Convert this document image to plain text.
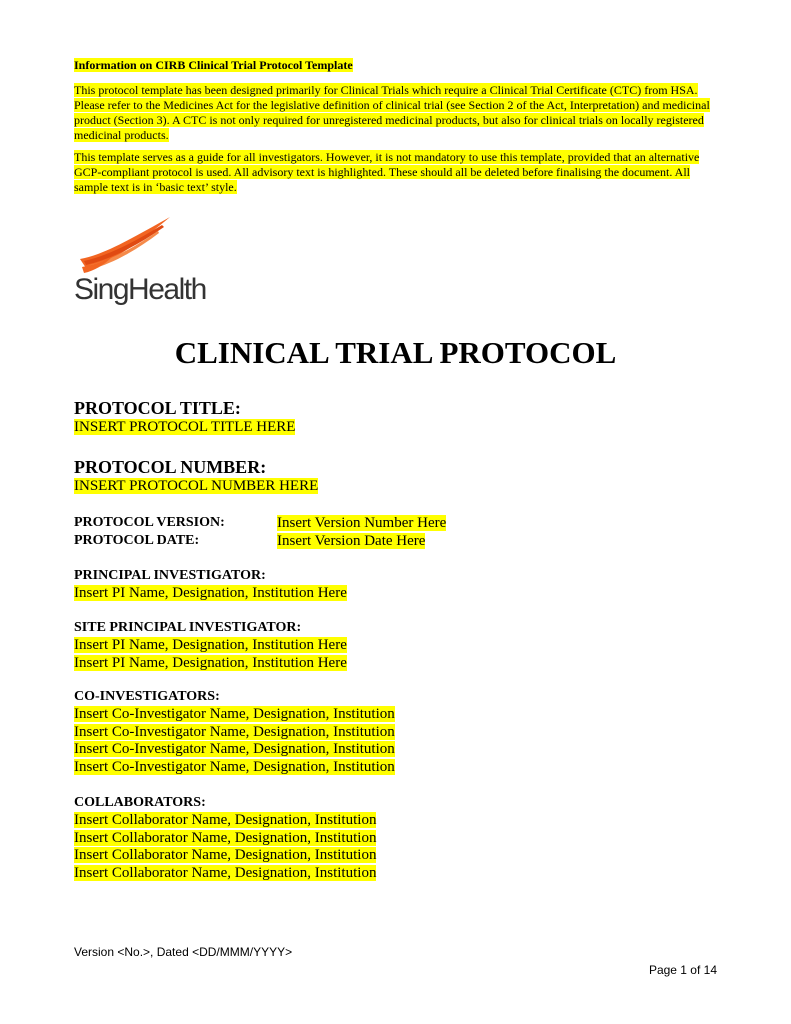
Information on CIRB Clinical Trial Protocol Template

This protocol template has been designed primarily for Clinical Trials which require a Clinical Trial Certificate (CTC) from HSA. Please refer to the Medicines Act for the legislative definition of clinical trial (see Section 2 of the Act, Interpretation) and medicinal product (Section 3). A CTC is not only required for unregistered medicinal products, but also for clinical trials on locally registered medicinal products.

This template serves as a guide for all investigators. However, it is not mandatory to use this template, provided that an alternative GCP-compliant protocol is used. All advisory text is highlighted. These should all be deleted before finalising the document. All sample text is in ‘basic text’ style.

SingHealth
CLINICAL TRIAL PROTOCOL
PROTOCOL TITLE:
INSERT PROTOCOL TITLE HERE
PROTOCOL NUMBER:
INSERT PROTOCOL NUMBER HERE
PROTOCOL VERSION:	Insert Version Number Here
PROTOCOL DATE:	Insert Version Date Here
PRINCIPAL INVESTIGATOR:
Insert PI Name, Designation, Institution Here
SITE PRINCIPAL INVESTIGATOR:
Insert PI Name, Designation, Institution Here
Insert PI Name, Designation, Institution Here
CO-INVESTIGATORS:
Insert Co-Investigator Name, Designation, Institution
Insert Co-Investigator Name, Designation, Institution
Insert Co-Investigator Name, Designation, Institution
Insert Co-Investigator Name, Designation, Institution
COLLABORATORS:
Insert Collaborator Name, Designation, Institution
Insert Collaborator Name, Designation, Institution
Insert Collaborator Name, Designation, Institution
Insert Collaborator Name, Designation, Institution
Version <No.>, Dated <DD/MMM/YYYY>
Page 1 of 14
